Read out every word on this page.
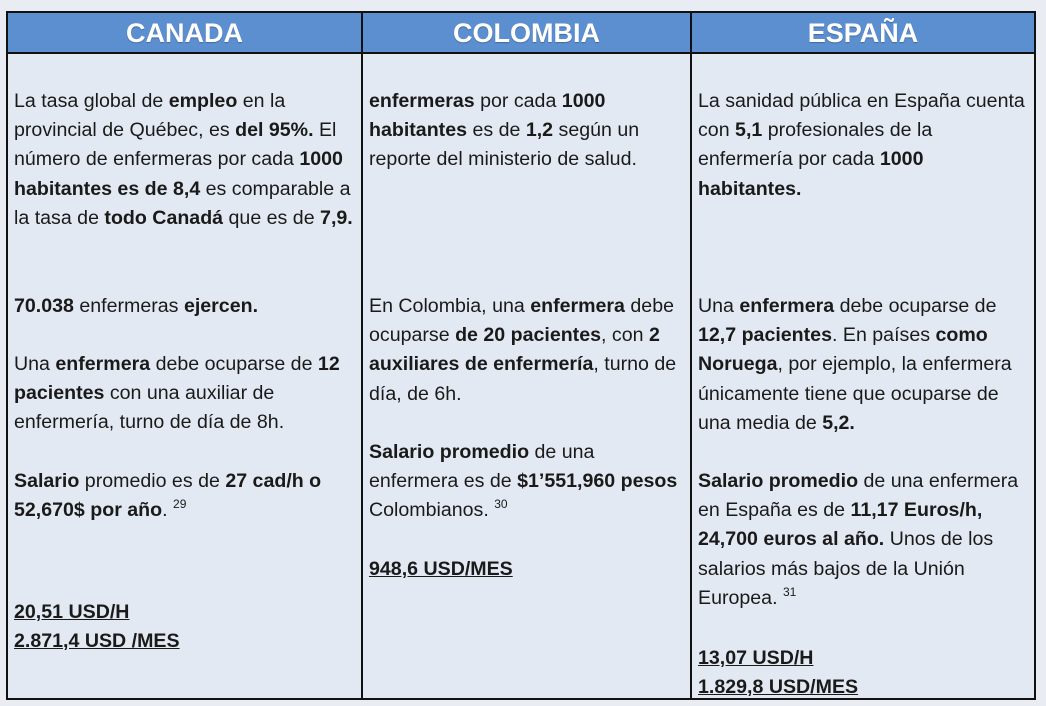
CANADA	COLOMBIA	ESPAÑA

La tasa global de empleo en la provincial de Québec, es del 95%. El número de enfermeras por cada 1000 habitantes es de 8,4 es comparable a la tasa de todo Canadá que es de 7,9.

70.038 enfermeras ejercen.

Una enfermera debe ocuparse de 12 pacientes con una auxiliar de enfermería, turno de día de 8h.

Salario promedio es de 27 cad/h o 52,670$ por año. $^{29}$

20,51 USD/H

2.871,4 USD /MES

enfermeras por cada 1000 habitantes es de 1,2 según un reporte del ministerio de salud.

En Colombia, una enfermera debe ocuparse de 20 pacientes, con 2 auxiliares de enfermería, turno de día, de 6h.

Salario promedio de una enfermera es de $1’551,960 pesos Colombianos. $^{30}$

948,6 USD/MES

La sanidad pública en España cuenta con 5,1 profesionales de la enfermería por cada 1000 habitantes.

Una enfermera debe ocuparse de 12,7 pacientes. En países como Noruega, por ejemplo, la enfermera únicamente tiene que ocuparse de una media de 5,2.

Salario promedio de una enfermera en España es de 11,17 Euros/h, 24,700 euros al año. Unos de los salarios más bajos de la Unión Europea. $^{31}$

13,07 USD/H

1.829,8 USD/MES
